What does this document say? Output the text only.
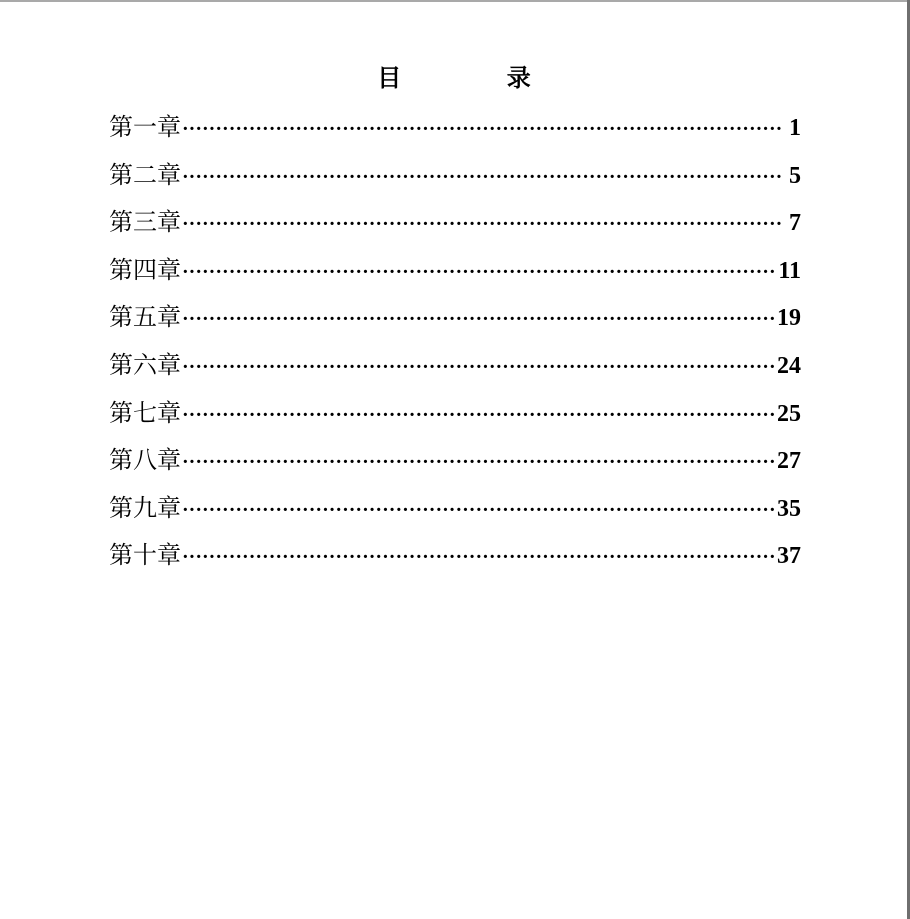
目          录
第一章 ·····	1
第二章 ·····	5
第三章 ·····	7
第四章 ·····	11
第五章 ·····	19
第六章 ·····	24
第七章 ·····	25
第八章 ·····	27
第九章 ·····	35
第十章 ·····	37
